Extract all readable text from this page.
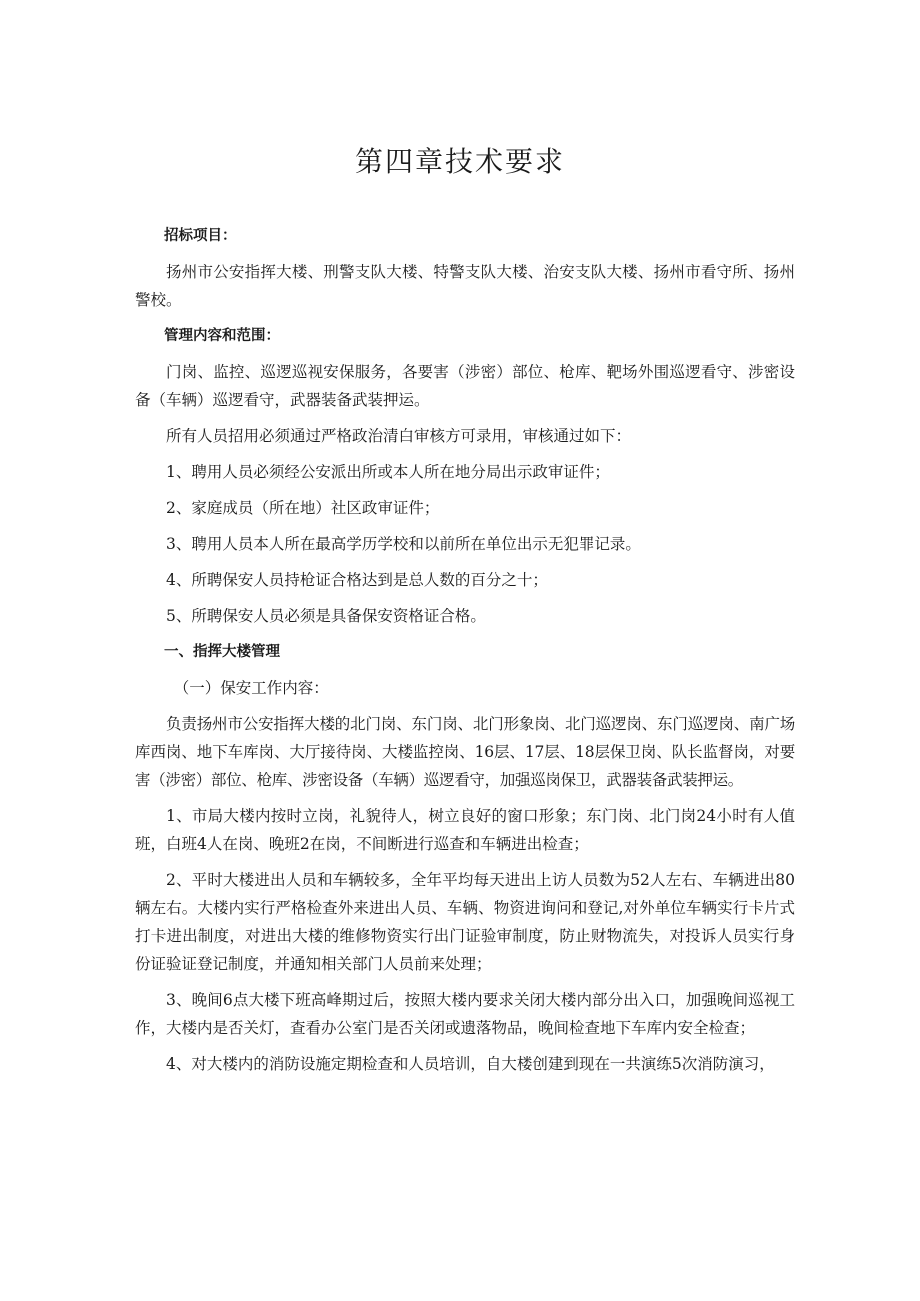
第四章技术要求

招标项目：

扬州市公安指挥大楼、刑警支队大楼、特警支队大楼、治安支队大楼、扬州市看守所、扬州警校。

管理内容和范围：

门岗、监控、巡逻巡视安保服务，各要害（涉密）部位、枪库、靶场外围巡逻看守、涉密设备（车辆）巡逻看守，武器装备武装押运。

所有人员招用必须通过严格政治清白审核方可录用，审核通过如下：

1、聘用人员必须经公安派出所或本人所在地分局出示政审证件；

2、家庭成员（所在地）社区政审证件；

3、聘用人员本人所在最高学历学校和以前所在单位出示无犯罪记录。

4、所聘保安人员持枪证合格达到是总人数的百分之十；

5、所聘保安人员必须是具备保安资格证合格。

一、指挥大楼管理

（一）保安工作内容：

负责扬州市公安指挥大楼的北门岗、东门岗、北门形象岗、北门巡逻岗、东门巡逻岗、南广场库西岗、地下车库岗、大厅接待岗、大楼监控岗、16层、17层、18层保卫岗、队长监督岗，对要害（涉密）部位、枪库、涉密设备（车辆）巡逻看守，加强巡岗保卫，武器装备武装押运。

1、市局大楼内按时立岗，礼貌待人，树立良好的窗口形象；东门岗、北门岗24小时有人值班，白班4人在岗、晚班2在岗，不间断进行巡查和车辆进出检查；

2、平时大楼进出人员和车辆较多，全年平均每天进出上访人员数为52人左右、车辆进出80辆左右。大楼内实行严格检查外来进出人员、车辆、物资进询问和登记,对外单位车辆实行卡片式打卡进出制度，对进出大楼的维修物资实行出门证验审制度，防止财物流失，对投诉人员实行身份证验证登记制度，并通知相关部门人员前来处理；

3、晚间6点大楼下班高峰期过后，按照大楼内要求关闭大楼内部分出入口，加强晚间巡视工作，大楼内是否关灯，查看办公室门是否关闭或遗落物品，晚间检查地下车库内安全检查；

4、对大楼内的消防设施定期检查和人员培训，自大楼创建到现在一共演练5次消防演习，
